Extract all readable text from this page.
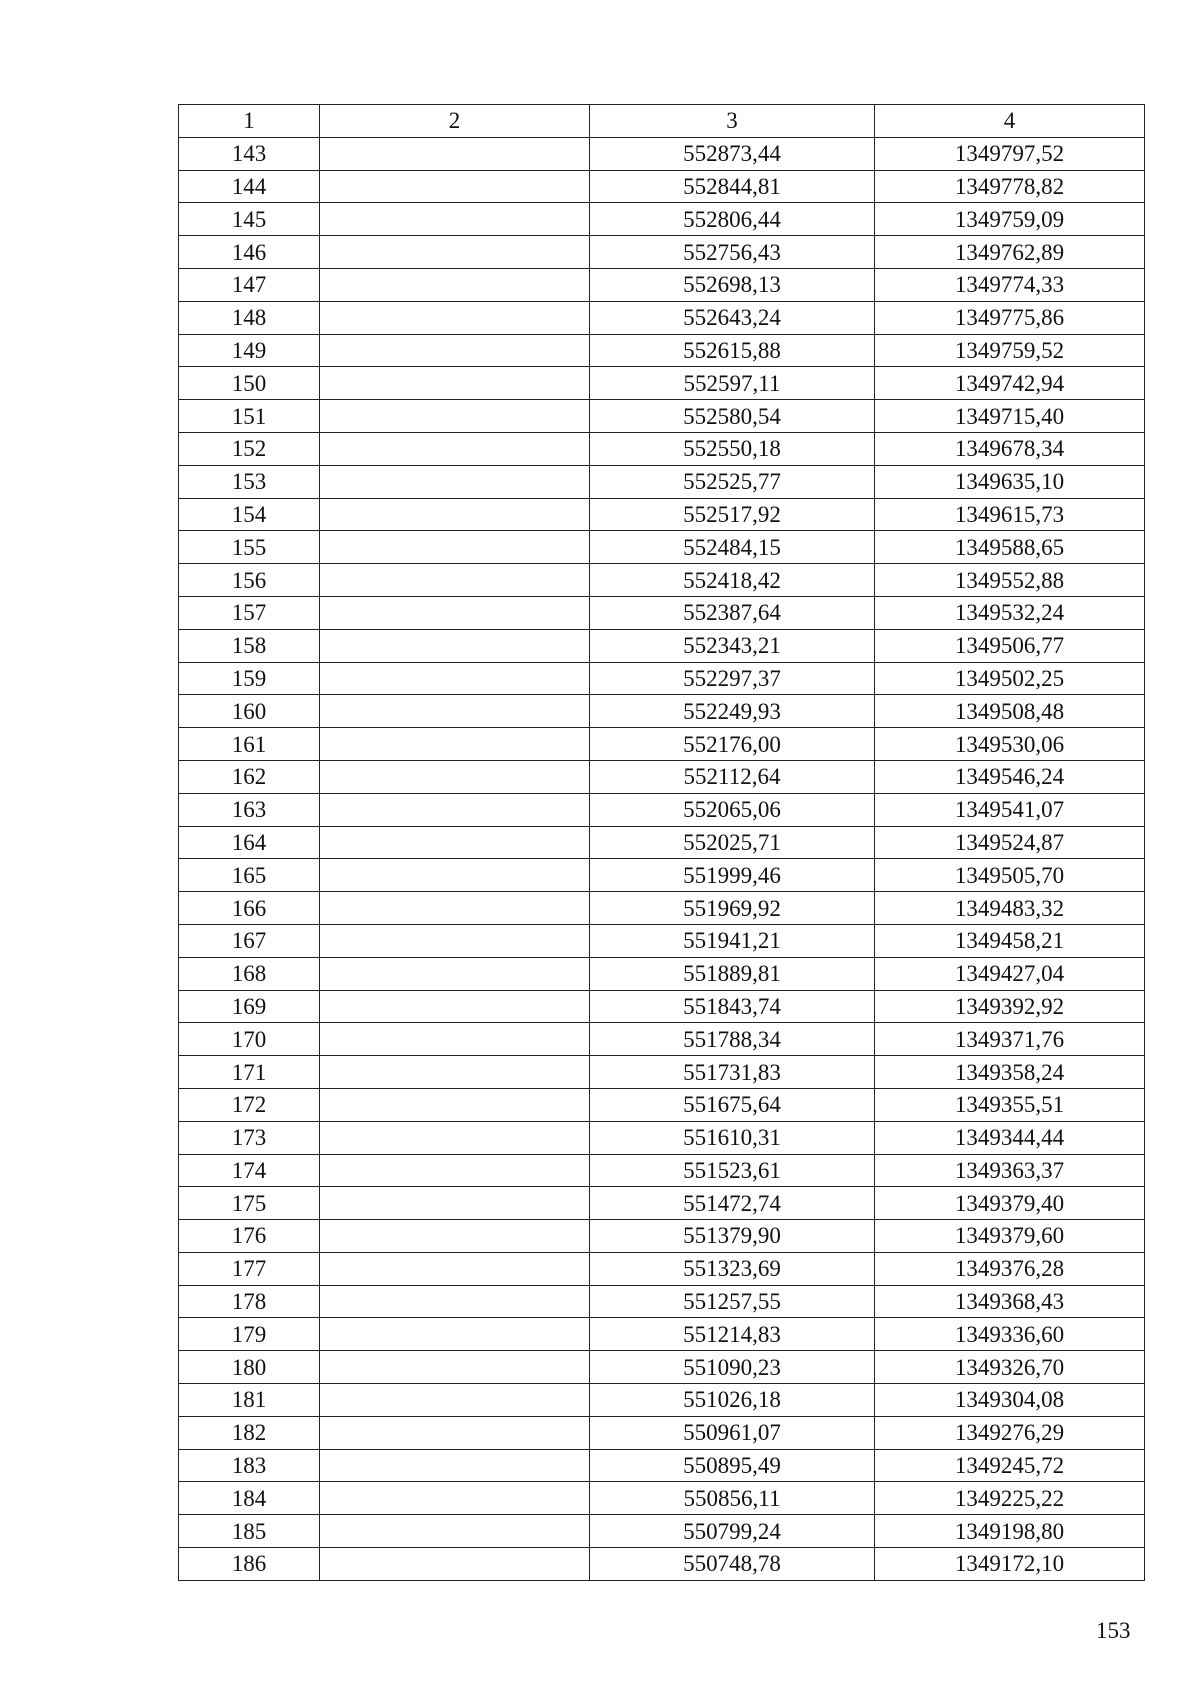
1	2	3	4
143		552873,44	1349797,52
144		552844,81	1349778,82
145		552806,44	1349759,09
146		552756,43	1349762,89
147		552698,13	1349774,33
148		552643,24	1349775,86
149		552615,88	1349759,52
150		552597,11	1349742,94
151		552580,54	1349715,40
152		552550,18	1349678,34
153		552525,77	1349635,10
154		552517,92	1349615,73
155		552484,15	1349588,65
156		552418,42	1349552,88
157		552387,64	1349532,24
158		552343,21	1349506,77
159		552297,37	1349502,25
160		552249,93	1349508,48
161		552176,00	1349530,06
162		552112,64	1349546,24
163		552065,06	1349541,07
164		552025,71	1349524,87
165		551999,46	1349505,70
166		551969,92	1349483,32
167		551941,21	1349458,21
168		551889,81	1349427,04
169		551843,74	1349392,92
170		551788,34	1349371,76
171		551731,83	1349358,24
172		551675,64	1349355,51
173		551610,31	1349344,44
174		551523,61	1349363,37
175		551472,74	1349379,40
176		551379,90	1349379,60
177		551323,69	1349376,28
178		551257,55	1349368,43
179		551214,83	1349336,60
180		551090,23	1349326,70
181		551026,18	1349304,08
182		550961,07	1349276,29
183		550895,49	1349245,72
184		550856,11	1349225,22
185		550799,24	1349198,80
186		550748,78	1349172,10
153
